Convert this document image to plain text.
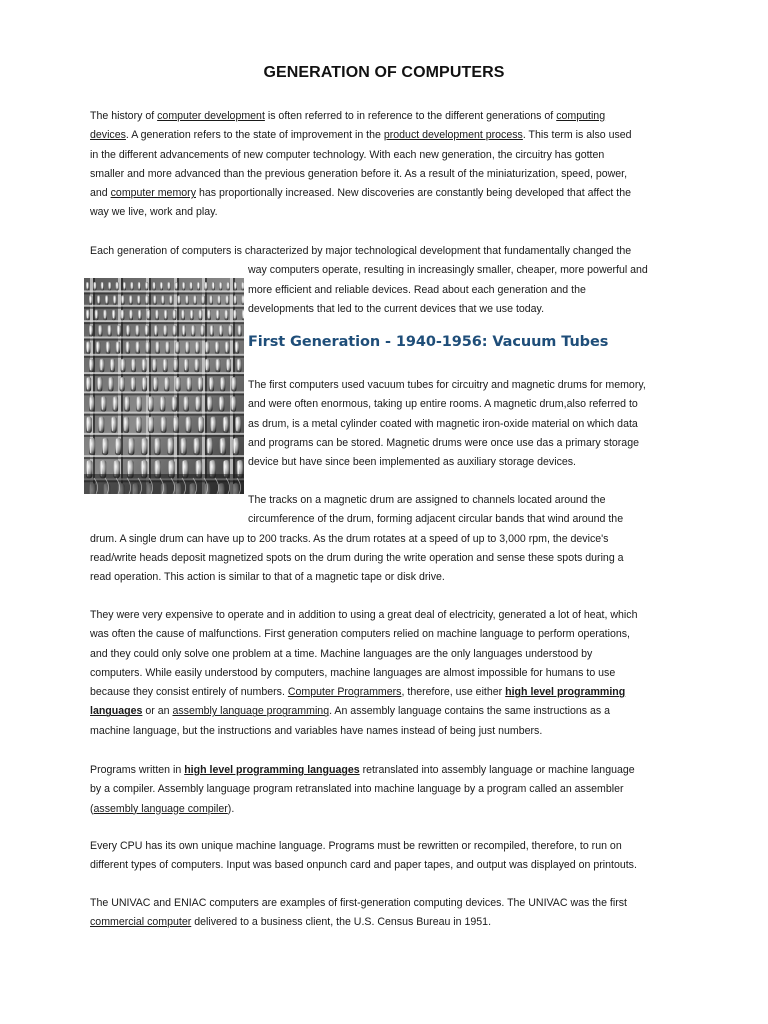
GENERATION OF COMPUTERS
The history of computer development is often referred to in reference to the different generations of computing
devices. A generation refers to the state of improvement in the product development process. This term is also used
in the different advancements of new computer technology. With each new generation, the circuitry has gotten
smaller and more advanced than the previous generation before it. As a result of the miniaturization, speed, power,
and computer memory has proportionally increased. New discoveries are constantly being developed that affect the
way we live, work and play.
Each generation of computers is characterized by major technological development that fundamentally changed the
way computers operate, resulting in increasingly smaller, cheaper, more powerful and
more efficient and reliable devices. Read about each generation and the
developments that led to the current devices that we use today.
First Generation - 1940-1956: Vacuum Tubes
The first computers used vacuum tubes for circuitry and magnetic drums for memory,
and were often enormous, taking up entire rooms. A magnetic drum,also referred to
as drum, is a metal cylinder coated with magnetic iron-oxide material on which data
and programs can be stored. Magnetic drums were once use das a primary storage
device but have since been implemented as auxiliary storage devices.
The tracks on a magnetic drum are assigned to channels located around the
circumference of the drum, forming adjacent circular bands that wind around the
drum. A single drum can have up to 200 tracks. As the drum rotates at a speed of up to 3,000 rpm, the device's
read/write heads deposit magnetized spots on the drum during the write operation and sense these spots during a
read operation. This action is similar to that of a magnetic tape or disk drive.
They were very expensive to operate and in addition to using a great deal of electricity, generated a lot of heat, which
was often the cause of malfunctions. First generation computers relied on machine language to perform operations,
and they could only solve one problem at a time. Machine languages are the only languages understood by
computers. While easily understood by computers, machine languages are almost impossible for humans to use
because they consist entirely of numbers. Computer Programmers, therefore, use either high level programming
languages or an assembly language programming. An assembly language contains the same instructions as a
machine language, but the instructions and variables have names instead of being just numbers.
Programs written in high level programming languages retranslated into assembly language or machine language
by a compiler. Assembly language program retranslated into machine language by a program called an assembler
(assembly language compiler).
Every CPU has its own unique machine language. Programs must be rewritten or recompiled, therefore, to run on
different types of computers. Input was based onpunch card and paper tapes, and output was displayed on printouts.
The UNIVAC and ENIAC computers are examples of first-generation computing devices. The UNIVAC was the first
commercial computer delivered to a business client, the U.S. Census Bureau in 1951.
